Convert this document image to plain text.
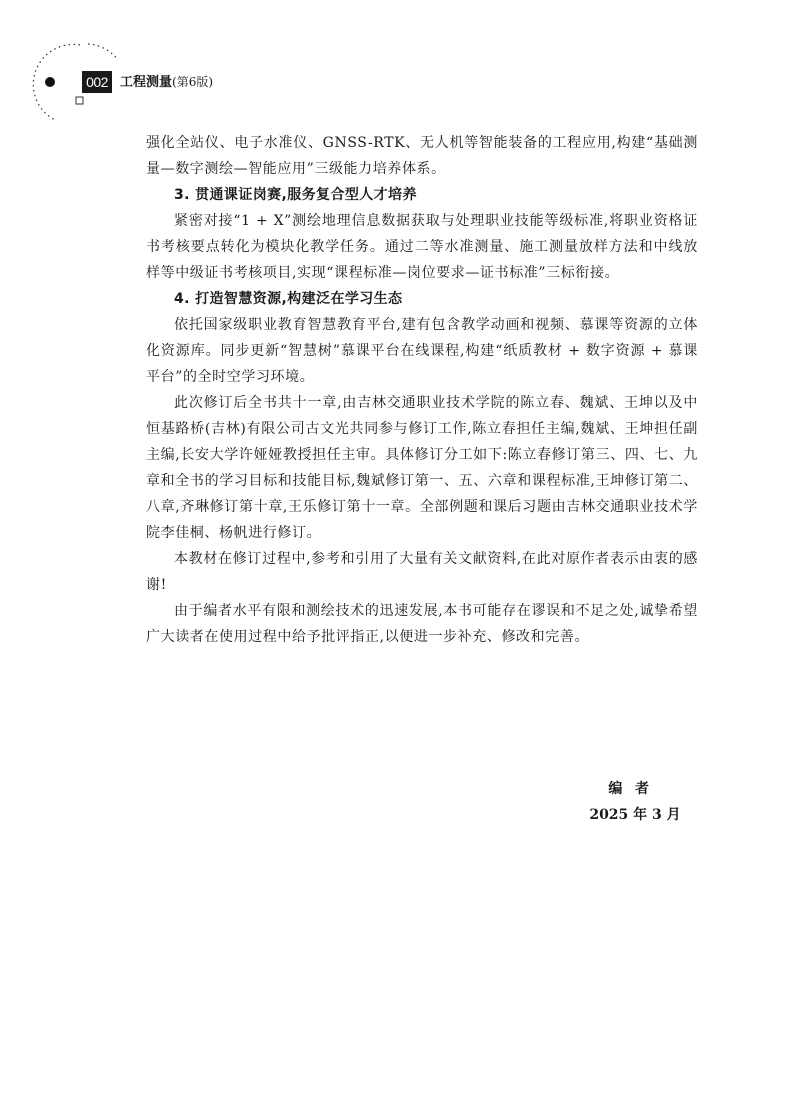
002 工程测量(第6版)

强化全站仪、电子水准仪、GNSS-RTK、无人机等智能装备的工程应用,构建“基础测量—数字测绘—智能应用”三级能力培养体系。

3. 贯通课证岗赛,服务复合型人才培养

紧密对接“1 + X”测绘地理信息数据获取与处理职业技能等级标准,将职业资格证书考核要点转化为模块化教学任务。通过二等水准测量、施工测量放样方法和中线放样等中级证书考核项目,实现“课程标准—岗位要求—证书标准”三标衔接。

4. 打造智慧资源,构建泛在学习生态

依托国家级职业教育智慧教育平台,建有包含教学动画和视频、慕课等资源的立体化资源库。同步更新“智慧树”慕课平台在线课程,构建“纸质教材 + 数字资源 + 慕课平台”的全时空学习环境。

此次修订后全书共十一章,由吉林交通职业技术学院的陈立春、魏斌、王坤以及中恒基路桥(吉林)有限公司古文光共同参与修订工作,陈立春担任主编,魏斌、王坤担任副主编,长安大学许娅娅教授担任主审。具体修订分工如下:陈立春修订第三、四、七、九章和全书的学习目标和技能目标,魏斌修订第一、五、六章和课程标准,王坤修订第二、八章,齐琳修订第十章,王乐修订第十一章。全部例题和课后习题由吉林交通职业技术学院李佳桐、杨帆进行修订。

本教材在修订过程中,参考和引用了大量有关文献资料,在此对原作者表示由衷的感谢!

由于编者水平有限和测绘技术的迅速发展,本书可能存在谬误和不足之处,诚挚希望广大读者在使用过程中给予批评指正,以便进一步补充、修改和完善。

编者
2025 年 3 月
